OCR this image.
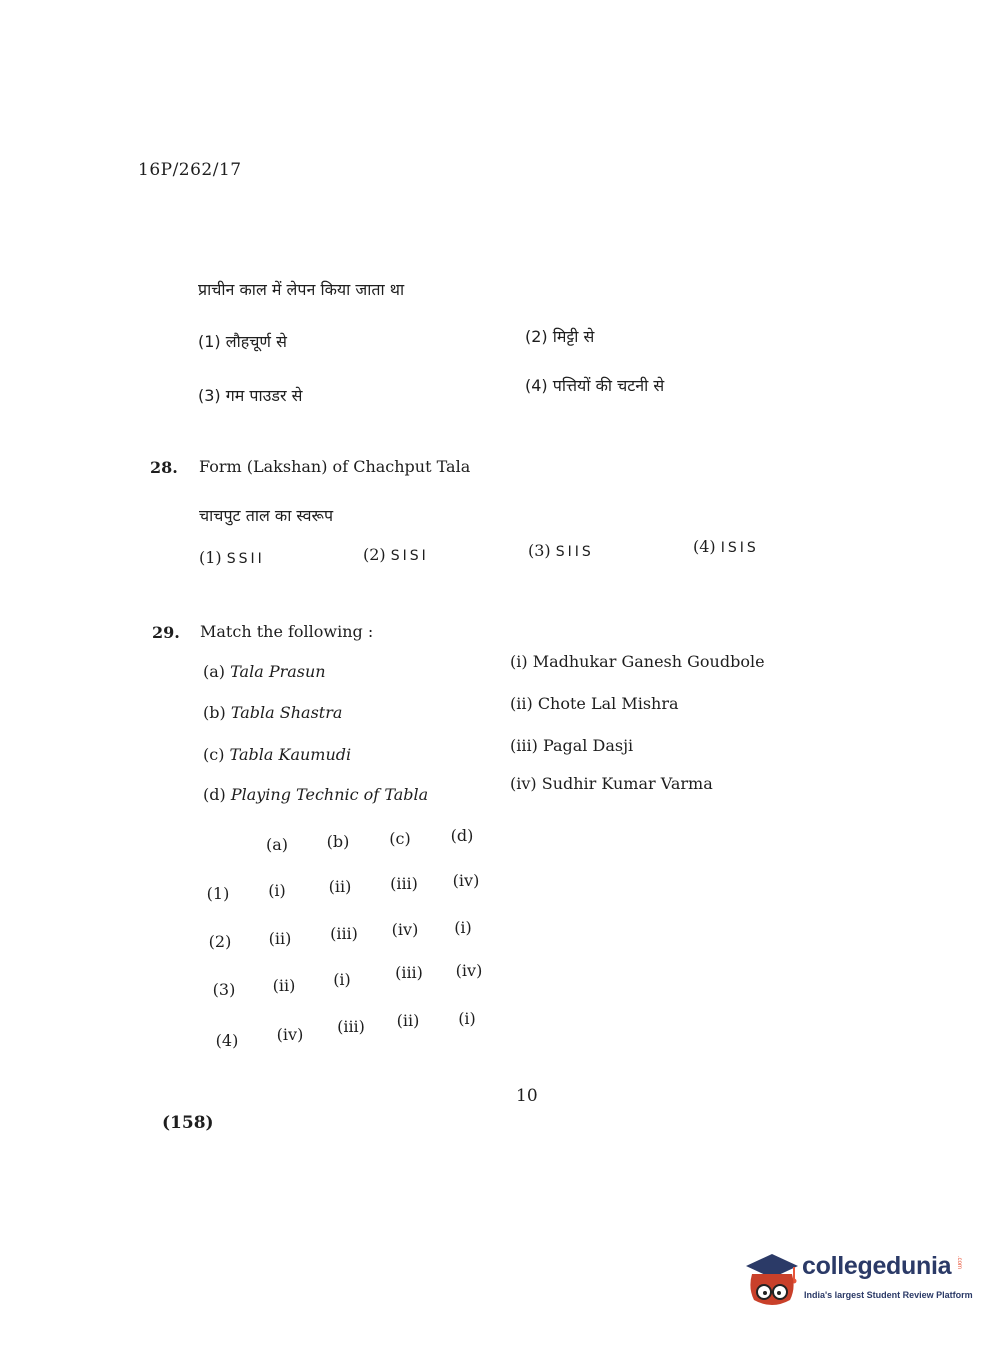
16P/262/17
प्राचीन काल में लेपन किया जाता था
(1) लौहचूर्ण से	(2) मिट्टी से
(3) गम पाउडर से
(4) पत्तियों की चटनी से
28. Form (Lakshan) of Chachput Tala
चाचपुट ताल का स्वरूप
(1) SSII	(2) SISI	(3) SIIS	(4) ISIS
29. Match the following :
(a) Tala Prasun
(b) Tabla Shastra
(c) Tabla Kaumudi
(d) Playing Technic of Tabla
(i) Madhukar Ganesh Goudbole
(ii) Chote Lal Mishra
(iii) Pagal Dasji
(iv) Sudhir Kumar Varma
(a)	(b)	(c)	(d)
(1)	(i)	(ii)	(iii)	(iv)
(2)	(ii)	(iii)	(iv)	(i)
(3)	(ii)	(i)	(iii)	(iv)
(4)	(iv)	(iii)	(ii)	(i)
10
(158)
collegedunia .com
India's largest Student Review Platform
